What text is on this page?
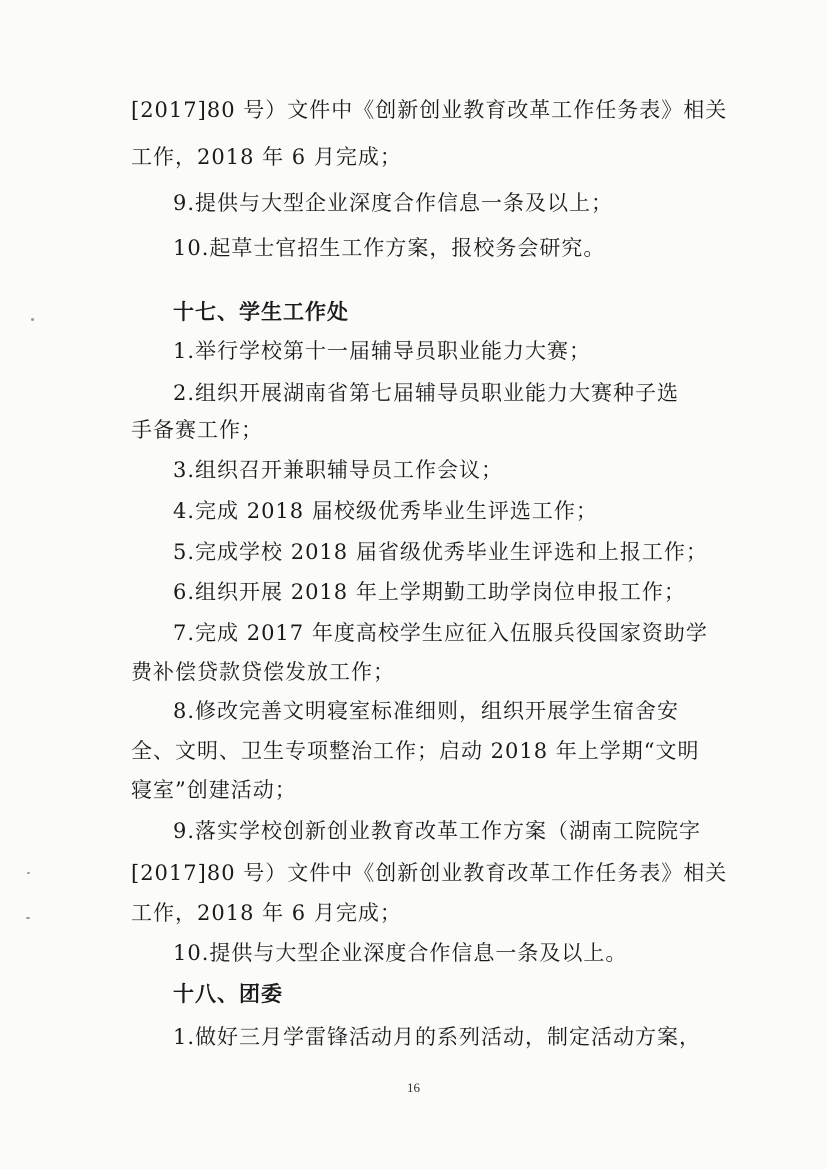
[2017]80 号）文件中《创新创业教育改革工作任务表》相关
工作，2018 年 6 月完成；
9.提供与大型企业深度合作信息一条及以上；
10.起草士官招生工作方案，报校务会研究。
十七、学生工作处
1.举行学校第十一届辅导员职业能力大赛；
2.组织开展湖南省第七届辅导员职业能力大赛种子选
手备赛工作；
3.组织召开兼职辅导员工作会议；
4.完成 2018 届校级优秀毕业生评选工作；
5.完成学校 2018 届省级优秀毕业生评选和上报工作；
6.组织开展 2018 年上学期勤工助学岗位申报工作；
7.完成 2017 年度高校学生应征入伍服兵役国家资助学
费补偿贷款贷偿发放工作；
8.修改完善文明寝室标准细则，组织开展学生宿舍安
全、文明、卫生专项整治工作；启动 2018 年上学期“文明
寝室”创建活动；
9.落实学校创新创业教育改革工作方案（湖南工院院字
[2017]80 号）文件中《创新创业教育改革工作任务表》相关
工作，2018 年 6 月完成；
10.提供与大型企业深度合作信息一条及以上。
十八、团委
1.做好三月学雷锋活动月的系列活动，制定活动方案，
16
